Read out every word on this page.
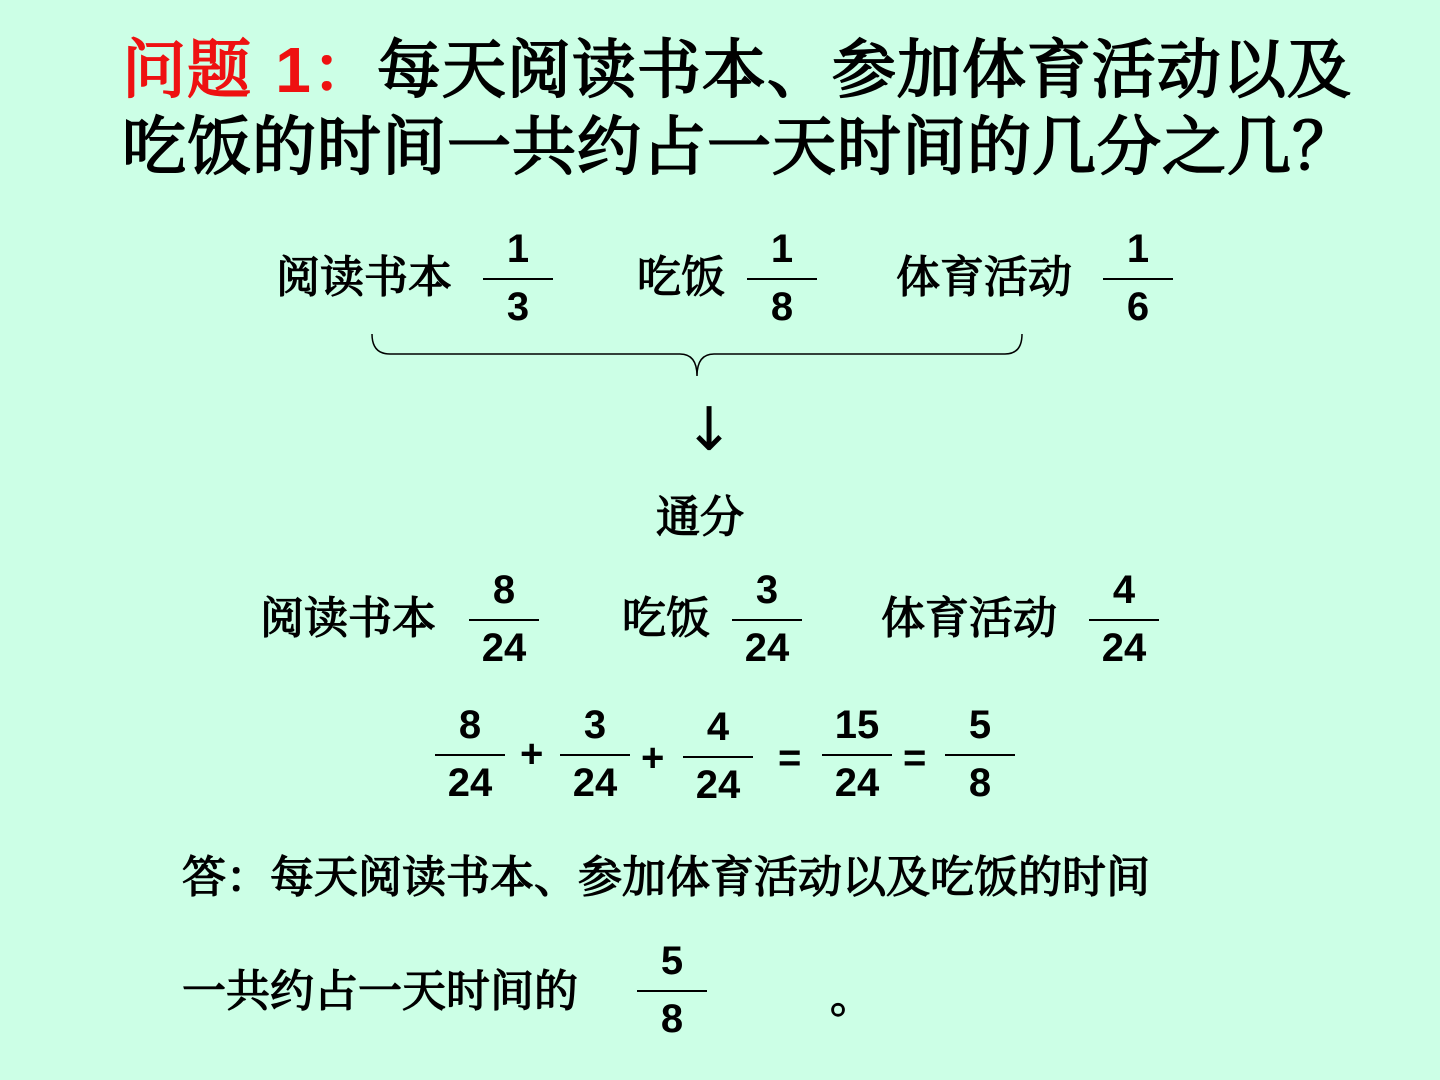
问题 1：每天阅读书本、参加体育活动以及
吃饭的时间一共约占一天时间的几分之几？
阅读书本
1
3
吃饭
1
8
体育活动
1
6
↓
通分
阅读书本
8
24
吃饭
3
24
体育活动
4
24
8
24
+
3
24
+
4
24
=
15
24
=
5
8
答：每天阅读书本、参加体育活动以及吃饭的时间
一共约占一天时间的
5
8	。
